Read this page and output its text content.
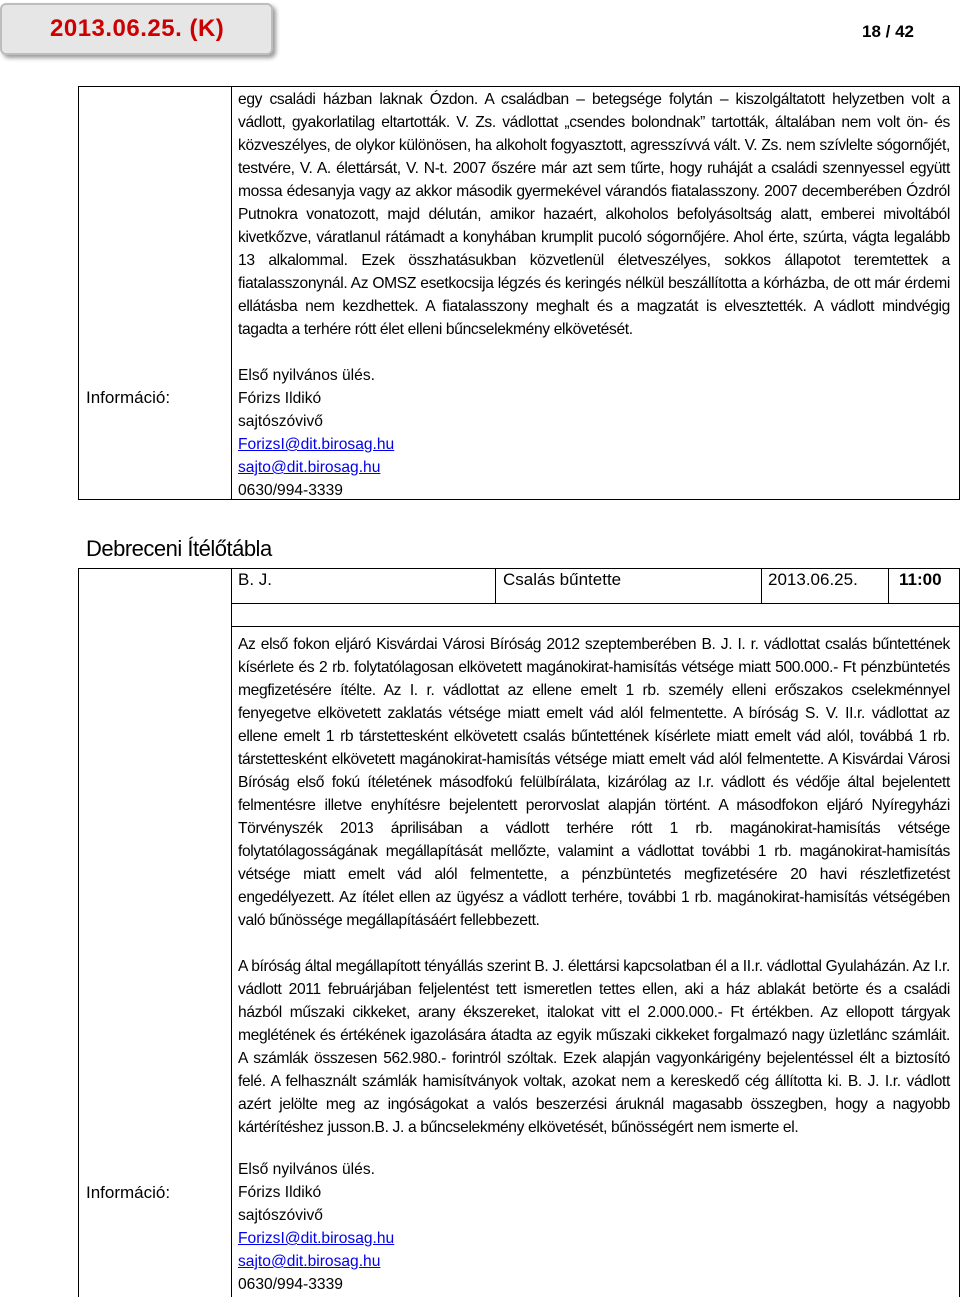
2013.06.25. (K)	18 / 42
egy családi házban laknak Ózdon. A családban – betegsége folytán – kiszolgáltatott helyzetben volt a vádlott, gyakorlatilag eltartották. V. Zs. vádlottat „csendes bolondnak” tartották, általában nem volt ön- és közveszélyes, de olykor különösen, ha alkoholt fogyasztott, agresszívvá vált. V. Zs. nem szívlelte sógornőjét, testvére, V. A. élettársát, V. N-t. 2007 őszére már azt sem tűrte, hogy ruháját a családi szennyessel együtt mossa édesanyja vagy az akkor második gyermekével várandós fiatalasszony. 2007 decemberében Ózdról Putnokra vonatozott, majd délután, amikor hazaért, alkoholos befolyásoltság alatt, emberei mivoltából kivetkőzve, váratlanul rátámadt a konyhában krumplit pucoló sógornőjére. Ahol érte, szúrta, vágta legalább 13 alkalommal. Ezek összhatásukban közvetlenül életveszélyes, sokkos állapotot teremtettek a fiatalasszonynál. Az OMSZ esetkocsija légzés és keringés nélkül beszállította a kórházba, de ott már érdemi ellátásba nem kezdhettek. A fiatalasszony meghalt és a magzatát is elvesztették. A vádlott mindvégig tagadta a terhére rótt élet elleni bűncselekmény elkövetését.
Információ:
Első nyilvános ülés.
Fórizs Ildikó
sajtószóvivő
ForizsI@dit.birosag.hu
sajto@dit.birosag.hu
0630/994-3339
Debreceni Ítélőtábla
B. J.	Csalás bűntette	2013.06.25. 11:00
Az első fokon eljáró Kisvárdai Városi Bíróság 2012 szeptemberében B. J. I. r. vádlottat csalás bűntettének kísérlete és 2 rb. folytatólagosan elkövetett magánokirat-hamisítás vétsége miatt 500.000.- Ft pénzbüntetés megfizetésére ítélte. Az I. r. vádlottat az ellene emelt 1 rb. személy elleni erőszakos cselekménnyel fenyegetve elkövetett zaklatás vétsége miatt emelt vád alól felmentette. A bíróság S. V. II.r. vádlottat az ellene emelt 1 rb társtettesként elkövetett csalás bűntettének kísérlete miatt emelt vád alól, továbbá 1 rb. társtettesként elkövetett magánokirat-hamisítás vétsége miatt emelt vád alól felmentette. A Kisvárdai Városi Bíróság első fokú ítéletének másodfokú felülbírálata, kizárólag az I.r. vádlott és védője által bejelentett felmentésre illetve enyhítésre bejelentett perorvoslat alapján történt. A másodfokon eljáró Nyíregyházi Törvényszék 2013 áprilisában a vádlott terhére rótt 1 rb. magánokirat-hamisítás vétsége folytatólagosságának megállapítását mellőzte, valamint a vádlottat további 1 rb. magánokirat-hamisítás vétsége miatt emelt vád alól felmentette, a pénzbüntetés megfizetésére 20 havi részletfizetést engedélyezett. Az ítélet ellen az ügyész a vádlott terhére, további 1 rb. magánokirat-hamisítás vétségében való bűnössége megállapításáért fellebbezett.
A bíróság által megállapított tényállás szerint B. J. élettársi kapcsolatban él a II.r. vádlottal Gyulaházán. Az I.r. vádlott 2011 februárjában feljelentést tett ismeretlen tettes ellen, aki a ház ablakát betörte és a családi házból műszaki cikkeket, arany ékszereket, italokat vitt el 2.000.000.- Ft értékben. Az ellopott tárgyak meglétének és értékének igazolására átadta az egyik műszaki cikkeket forgalmazó nagy üzletlánc számláit. A számlák összesen 562.980.- forintról szóltak. Ezek alapján vagyonkárigény bejelentéssel élt a biztosító felé. A felhasznált számlák hamisítványok voltak, azokat nem a kereskedő cég állította ki. B. J. I.r. vádlott azért jelölte meg az ingóságokat a valós beszerzési áruknál magasabb összegben, hogy a nagyobb kártérítéshez jusson.B. J. a bűncselekmény elkövetését, bűnösségért nem ismerte el.
Információ:
Első nyilvános ülés.
Fórizs Ildikó
sajtószóvivő
ForizsI@dit.birosag.hu
sajto@dit.birosag.hu
0630/994-3339
